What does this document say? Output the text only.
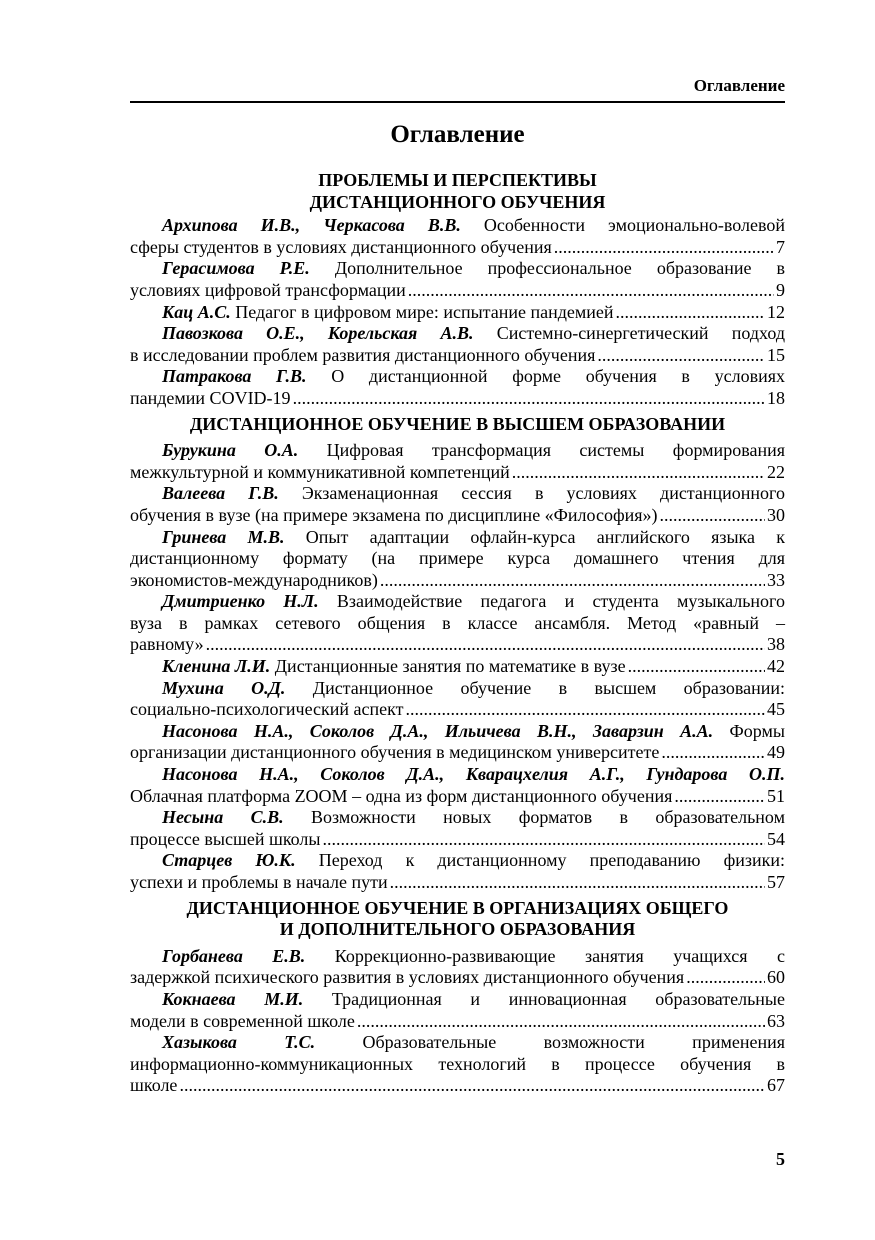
Оглавление
Оглавление
ПРОБЛЕМЫ И ПЕРСПЕКТИВЫ
ДИСТАНЦИОННОГО ОБУЧЕНИЯ
Архипова И.В., Черкасова В.В. Особенности эмоционально-волевой
сферы студентов в условиях дистанционного обучения .....	7
Герасимова Р.Е. Дополнительное профессиональное образование в
условиях цифровой трансформации .....	9
Кац А.С. Педагог в цифровом мире: испытание пандемией .....	12
Павозкова О.Е., Корельская А.В. Системно-синергетический подход
в исследовании проблем развития дистанционного обучения .....	15
Патракова Г.В. О дистанционной форме обучения в условиях
пандемии COVID-19 .....	18
ДИСТАНЦИОННОЕ ОБУЧЕНИЕ В ВЫСШЕМ ОБРАЗОВАНИИ
Бурукина О.А. Цифровая трансформация системы формирования
межкультурной и коммуникативной компетенций .....	22
Валеева Г.В. Экзаменационная сессия в условиях дистанционного
обучения в вузе (на примере экзамена по дисциплине «Философия») .....	30
Гринева М.В. Опыт адаптации офлайн-курса английского языка к
дистанционному формату (на примере курса домашнего чтения для
экономистов-международников) .....	33
Дмитриенко Н.Л. Взаимодействие педагога и студента музыкального
вуза в рамках сетевого общения в классе ансамбля. Метод «равный –
равному» .....	38
Кленина Л.И. Дистанционные занятия по математике в вузе .....	42
Мухина О.Д. Дистанционное обучение в высшем образовании:
социально-психологический аспект .....	45
Насонова Н.А., Соколов Д.А., Ильичева В.Н., Заварзин А.А. Формы
организации дистанционного обучения в медицинском университете .....	49
Насонова Н.А., Соколов Д.А., Кварацхелия А.Г., Гундарова О.П.
Облачная платформа ZOOM – одна из форм дистанционного обучения .....	51
Несына С.В. Возможности новых форматов в образовательном
процессе высшей школы .....	54
Старцев Ю.К. Переход к дистанционному преподаванию физики:
успехи и проблемы в начале пути .....	57
ДИСТАНЦИОННОЕ ОБУЧЕНИЕ В ОРГАНИЗАЦИЯХ ОБЩЕГО
И ДОПОЛНИТЕЛЬНОГО ОБРАЗОВАНИЯ
Горбанева Е.В. Коррекционно-развивающие занятия учащихся с
задержкой психического развития в условиях дистанционного обучения .....	60
Кокнаева М.И. Традиционная и инновационная образовательные
модели в современной школе .....	63
Хазыкова Т.С. Образовательные возможности применения
информационно-коммуникационных технологий в процессе обучения в
школе .....	67
5
